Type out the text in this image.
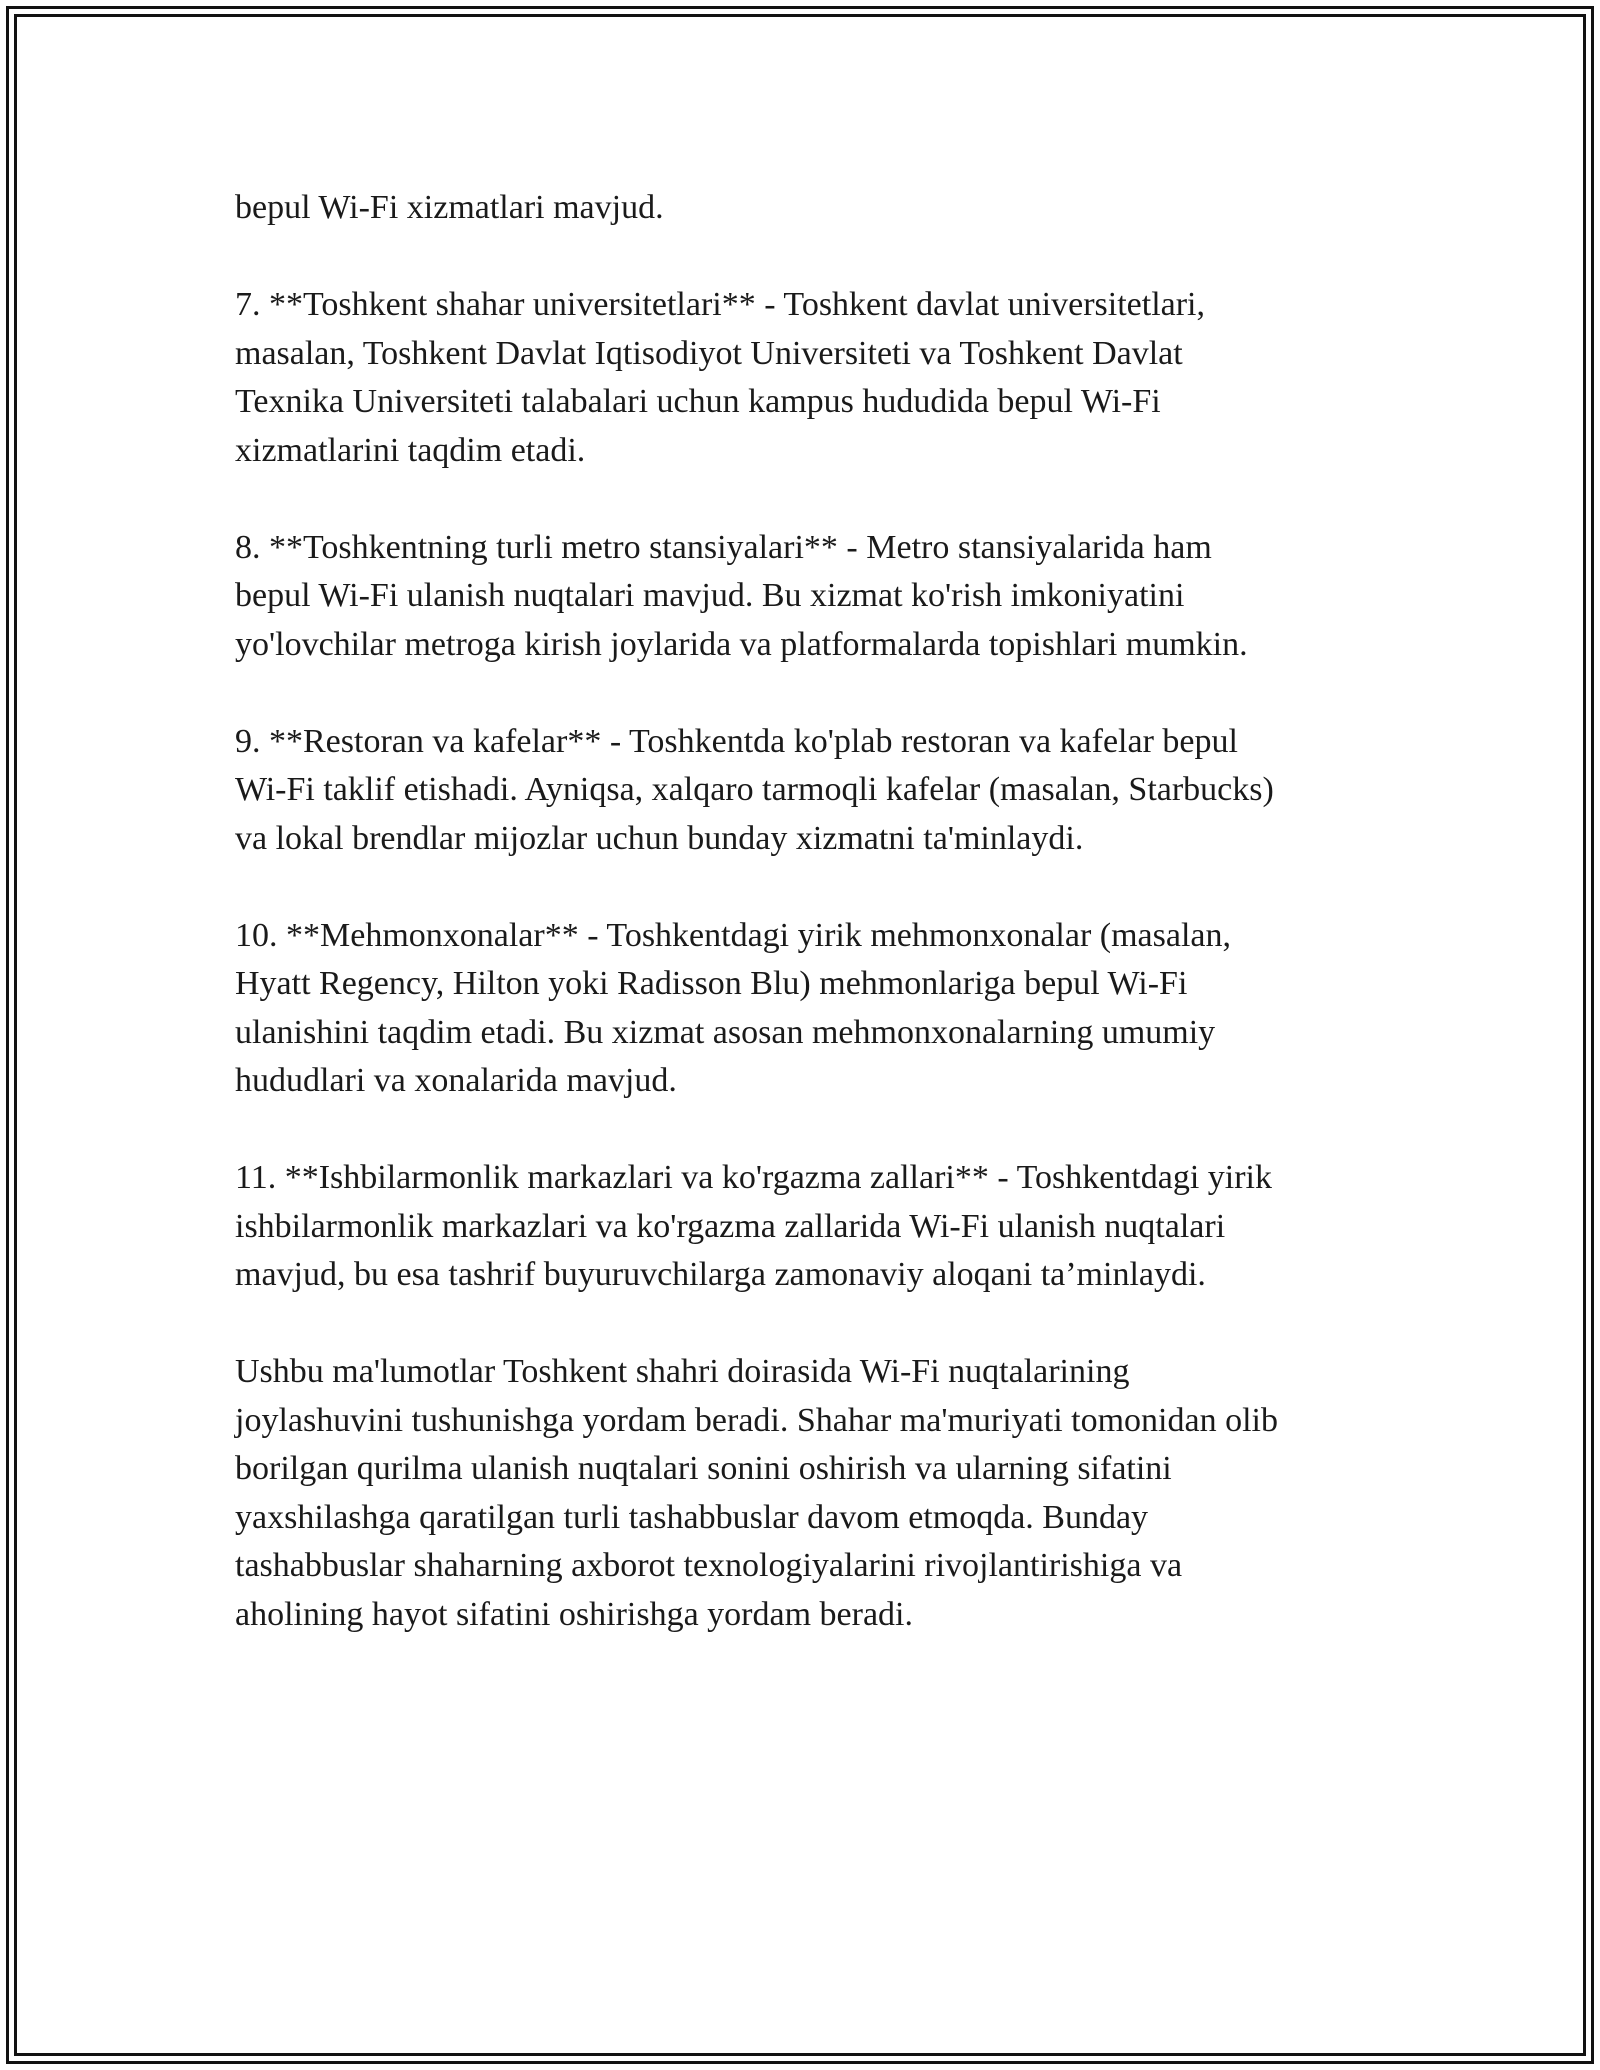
bepul Wi-Fi xizmatlari mavjud.

7. **Toshkent shahar universitetlari** - Toshkent davlat universitetlari,
masalan, Toshkent Davlat Iqtisodiyot Universiteti va Toshkent Davlat
Texnika Universiteti talabalari uchun kampus hududida bepul Wi-Fi
xizmatlarini taqdim etadi.

8. **Toshkentning turli metro stansiyalari** - Metro stansiyalarida ham
bepul Wi-Fi ulanish nuqtalari mavjud. Bu xizmat ko'rish imkoniyatini
yo'lovchilar metroga kirish joylarida va platformalarda topishlari mumkin.

9. **Restoran va kafelar** - Toshkentda ko'plab restoran va kafelar bepul
Wi-Fi taklif etishadi. Ayniqsa, xalqaro tarmoqli kafelar (masalan, Starbucks)
va lokal brendlar mijozlar uchun bunday xizmatni ta'minlaydi.

10. **Mehmonxonalar** - Toshkentdagi yirik mehmonxonalar (masalan,
Hyatt Regency, Hilton yoki Radisson Blu) mehmonlariga bepul Wi-Fi
ulanishini taqdim etadi. Bu xizmat asosan mehmonxonalarning umumiy
hududlari va xonalarida mavjud.

11. **Ishbilarmonlik markazlari va ko'rgazma zallari** - Toshkentdagi yirik
ishbilarmonlik markazlari va ko'rgazma zallarida Wi-Fi ulanish nuqtalari
mavjud, bu esa tashrif buyuruvchilarga zamonaviy aloqani ta’minlaydi.

Ushbu ma'lumotlar Toshkent shahri doirasida Wi-Fi nuqtalarining
joylashuvini tushunishga yordam beradi. Shahar ma'muriyati tomonidan olib
borilgan qurilma ulanish nuqtalari sonini oshirish va ularning sifatini
yaxshilashga qaratilgan turli tashabbuslar davom etmoqda. Bunday
tashabbuslar shaharning axborot texnologiyalarini rivojlantirishiga va
aholining hayot sifatini oshirishga yordam beradi.
